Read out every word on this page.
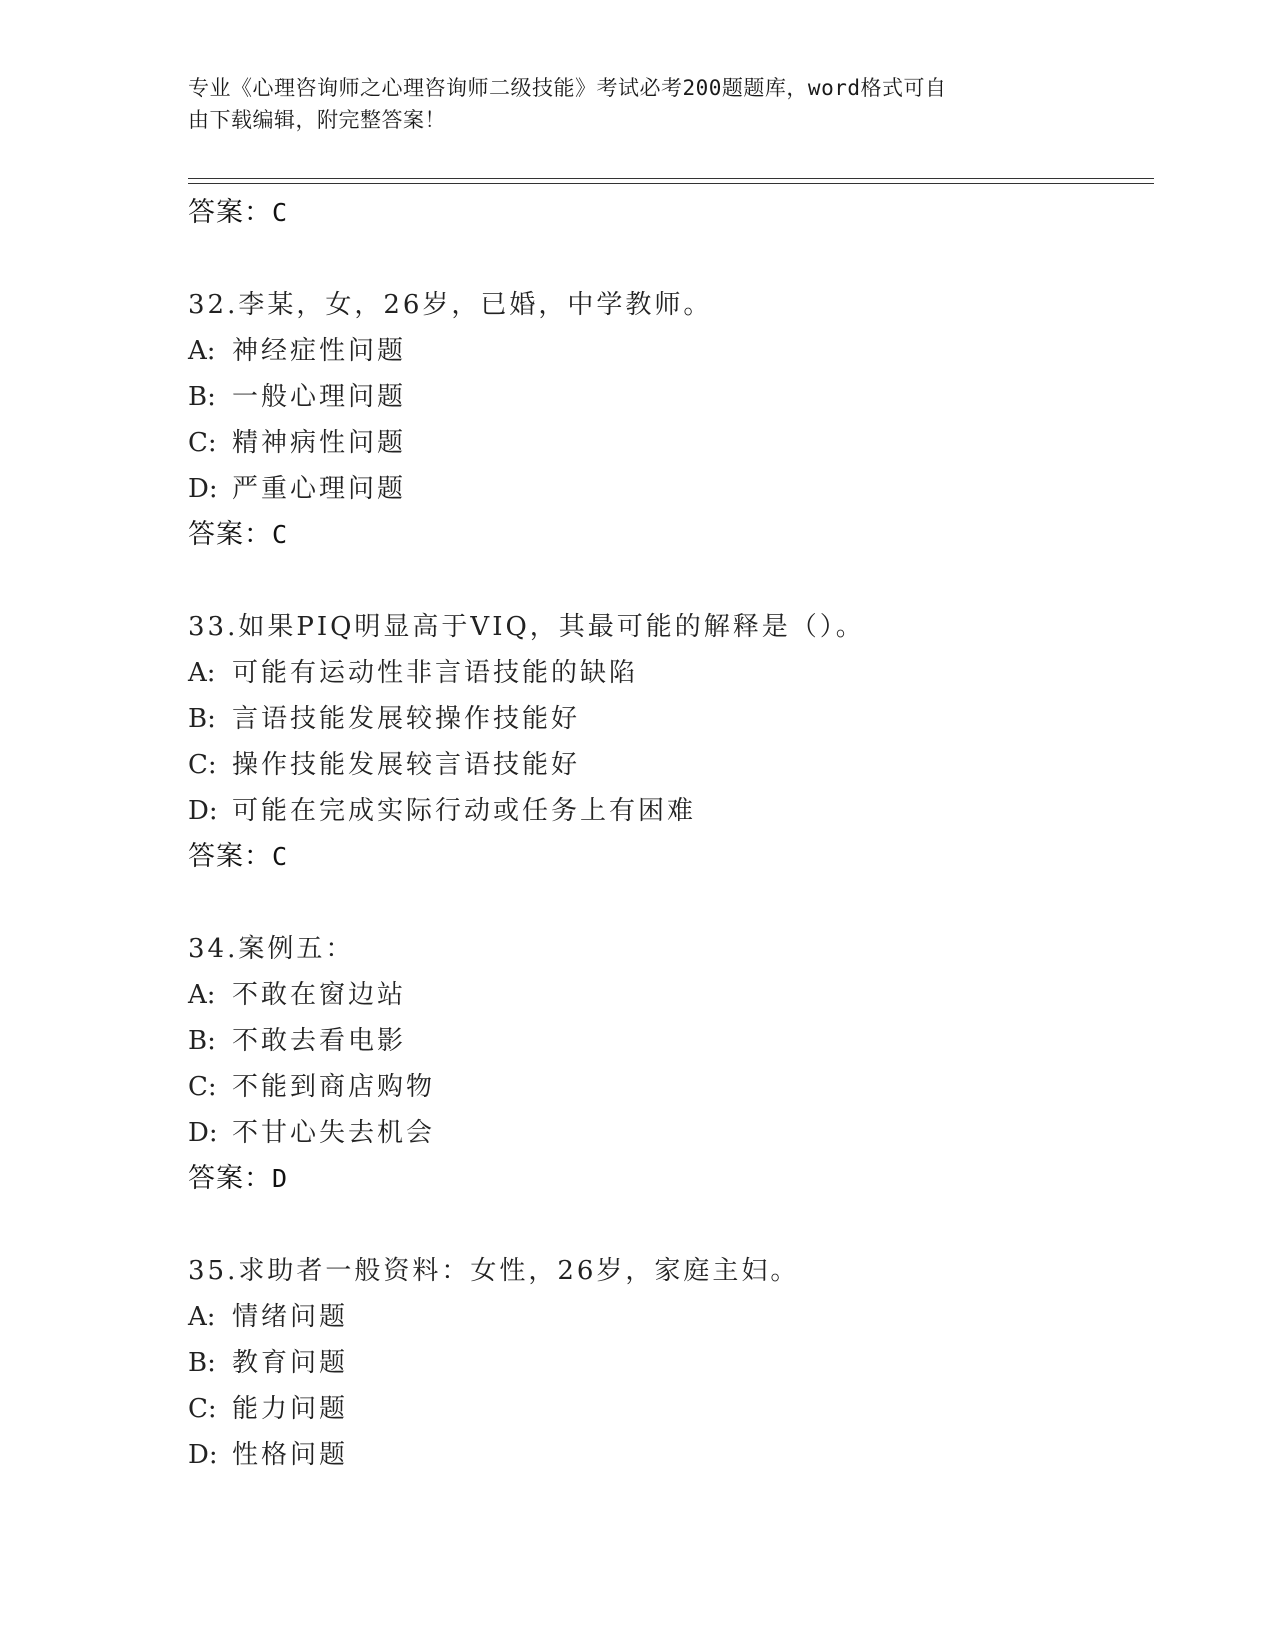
专业《心理咨询师之心理咨询师二级技能》考试必考200题题库，word格式可自
由下载编辑，附完整答案！
答案：C
32.李某，女，26岁，已婚，中学教师。
A: 神经症性问题
B: 一般心理问题
C: 精神病性问题
D: 严重心理问题
答案：C
33.如果PIQ明显高于VIQ，其最可能的解释是（）。
A: 可能有运动性非言语技能的缺陷
B: 言语技能发展较操作技能好
C: 操作技能发展较言语技能好
D: 可能在完成实际行动或任务上有困难
答案：C
34.案例五：
A: 不敢在窗边站
B: 不敢去看电影
C: 不能到商店购物
D: 不甘心失去机会
答案：D
35.求助者一般资料：女性，26岁，家庭主妇。
A: 情绪问题
B: 教育问题
C: 能力问题
D: 性格问题
